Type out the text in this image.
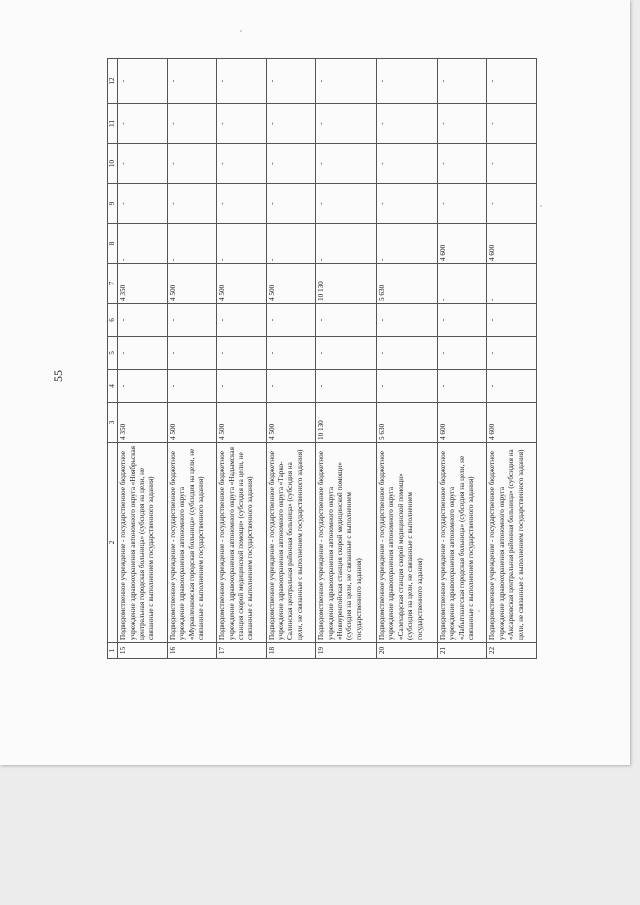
55
1	2	3	4	5	6	7	8	9	10	11	12
15	Подведомственное учреждение - государственное бюджетное учреждение здравоохранения автономного округа «Ноябрьская центральная городская больница» (субсидия на цели, не связанные с выполнением государственного задания)	4 350	-	-	-	4 350	-	-	-	-	-
16	Подведомственное учреждение - государственное бюджетное учреждение здравоохранения автономного округа «Муравленковская городская больница» (субсидия на цели, не связанные с выполнением государственного задания)	4 500	-	-	-	4 500	-	-	-	-	-
17	Подведомственное учреждение - государственное бюджетное учреждение здравоохранения автономного округа «Надымская станция скорой медицинской помощи» (субсидия на цели, не связанные с выполнением государственного задания)	4 500	-	-	-	4 500	-	-	-	-	-
18	Подведомственное учреждение - государственное бюджетное учреждение здравоохранения автономного округа «Тарко-Салинская центральная районная больница» (субсидия на цели, не связанные с выполнением государственного задания)	4 500	-	-	-	4 500	-	-	-	-	-
19	Подведомственное учреждение - государственное бюджетное учреждение здравоохранения автономного округа «Новоуренгойская станция скорой медицинской помощи» (субсидия на цели, не связанные с выполнением государственного задания)	10 130	-	-	-	10 130	-	-	-	-	-
20	Подведомственное учреждение - государственное бюджетное учреждение здравоохранения автономного округа «Салехардская станция скорой медицинской помощи» (субсидия на цели, не связанные с выполнением государственного задания)	5 630	-	-	-	5 630	-	-	-	-	-
21	Подведомственное учреждение - государственное бюджетное учреждение здравоохранения автономного округа «Лабытнангская городская больница» (субсидия на цели, не связанные с выполнением государственного задания)	4 600	-	-	-	-	4 600	-	-	-	-
22	Подведомственное учреждение - государственное бюджетное учреждение здравоохранения автономного округа «Аксарковская центральная районная больница» (субсидия на цели, не связанные с выполнением государственного задания)	4 600	-	-	-	-	4 600	-	-	-	-
